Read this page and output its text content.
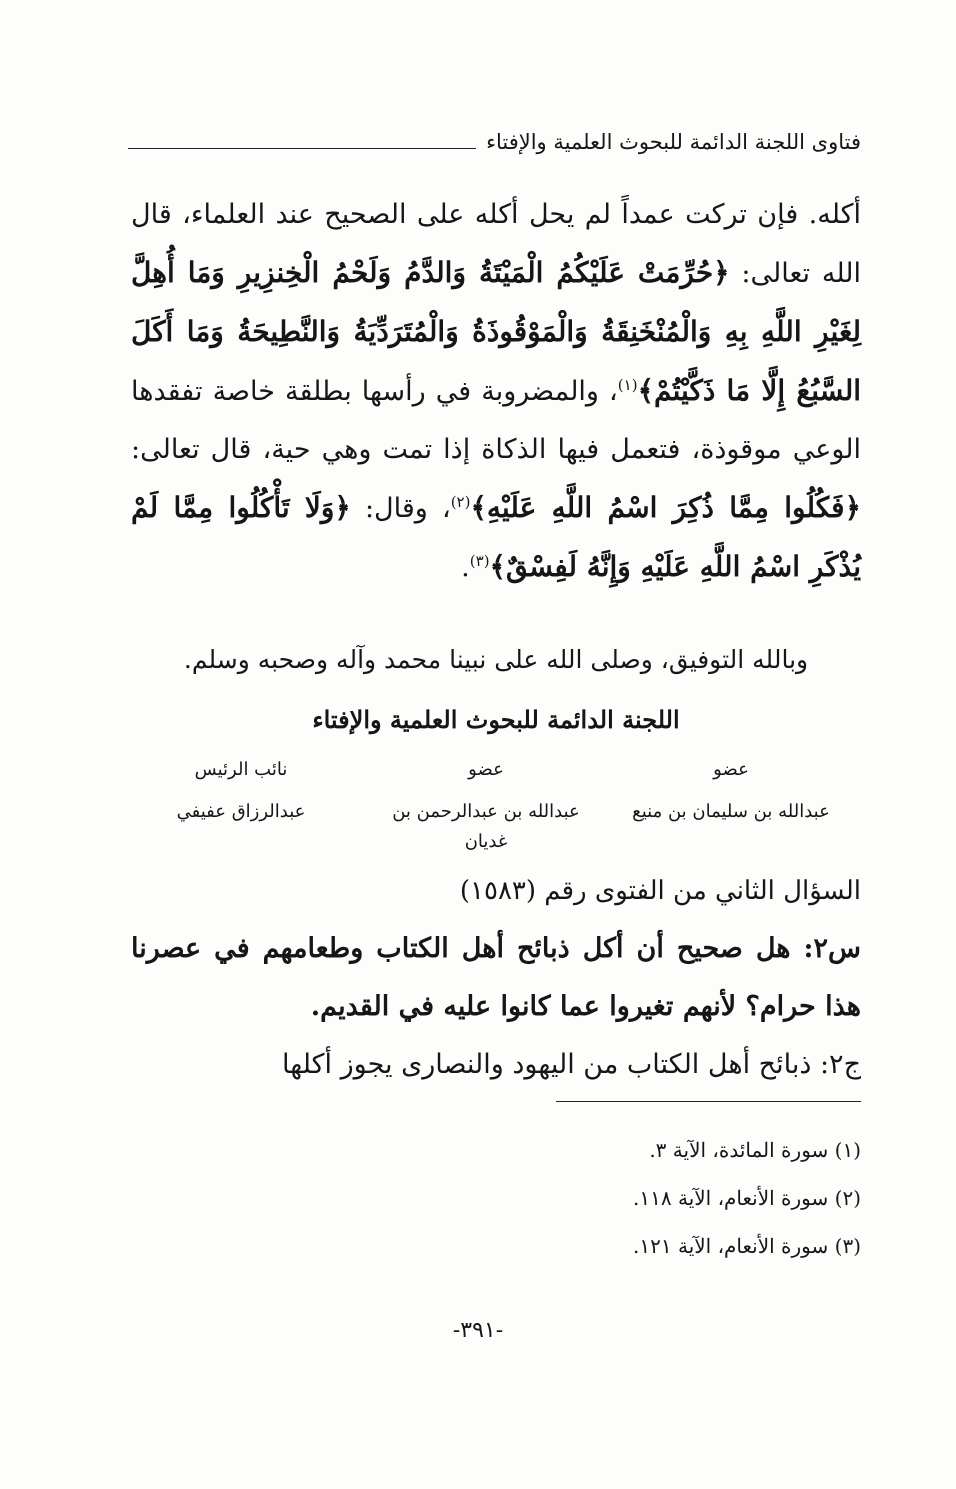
فتاوى اللجنة الدائمة للبحوث العلمية والإفتاء

أكله. فإن تركت عمداً لم يحل أكله على الصحيح عند العلماء، قال الله تعالى: ﴿حُرِّمَتْ عَلَيْكُمُ الْمَيْتَةُ وَالدَّمُ وَلَحْمُ الْخِنزِيرِ وَمَا أُهِلَّ لِغَيْرِ اللَّهِ بِهِ وَالْمُنْخَنِقَةُ وَالْمَوْقُوذَةُ وَالْمُتَرَدِّيَةُ وَالنَّطِيحَةُ وَمَا أَكَلَ السَّبُعُ إِلَّا مَا ذَكَّيْتُمْ﴾$^{(١)}$، والمضروبة في رأسها بطلقة خاصة تفقدها الوعي موقوذة، فتعمل فيها الذكاة إذا تمت وهي حية، قال تعالى: ﴿فَكُلُوا مِمَّا ذُكِرَ اسْمُ اللَّهِ عَلَيْهِ﴾$^{(٢)}$، وقال: ﴿وَلَا تَأْكُلُوا مِمَّا لَمْ يُذْكَرِ اسْمُ اللَّهِ عَلَيْهِ وَإِنَّهُ لَفِسْقٌ﴾$^{(٣)}$.

وبالله التوفيق، وصلى الله على نبينا محمد وآله وصحبه وسلم.
اللجنة الدائمة للبحوث العلمية والإفتاء
عضو
عبدالله بن سليمان بن منيع
عضو
عبدالله بن عبدالرحمن بن غديان
نائب الرئيس
عبدالرزاق عفيفي

السؤال الثاني من الفتوى رقم (١٥٨٣)

س٢: هل صحيح أن أكل ذبائح أهل الكتاب وطعامهم في عصرنا هذا حرام؟ لأنهم تغيروا عما كانوا عليه في القديم.

ج٢: ذبائح أهل الكتاب من اليهود والنصارى يجوز أكلها

(١) سورة المائدة، الآية ٣.
(٢) سورة الأنعام، الآية ١١٨.
(٣) سورة الأنعام، الآية ١٢١.
-٣٩١-
